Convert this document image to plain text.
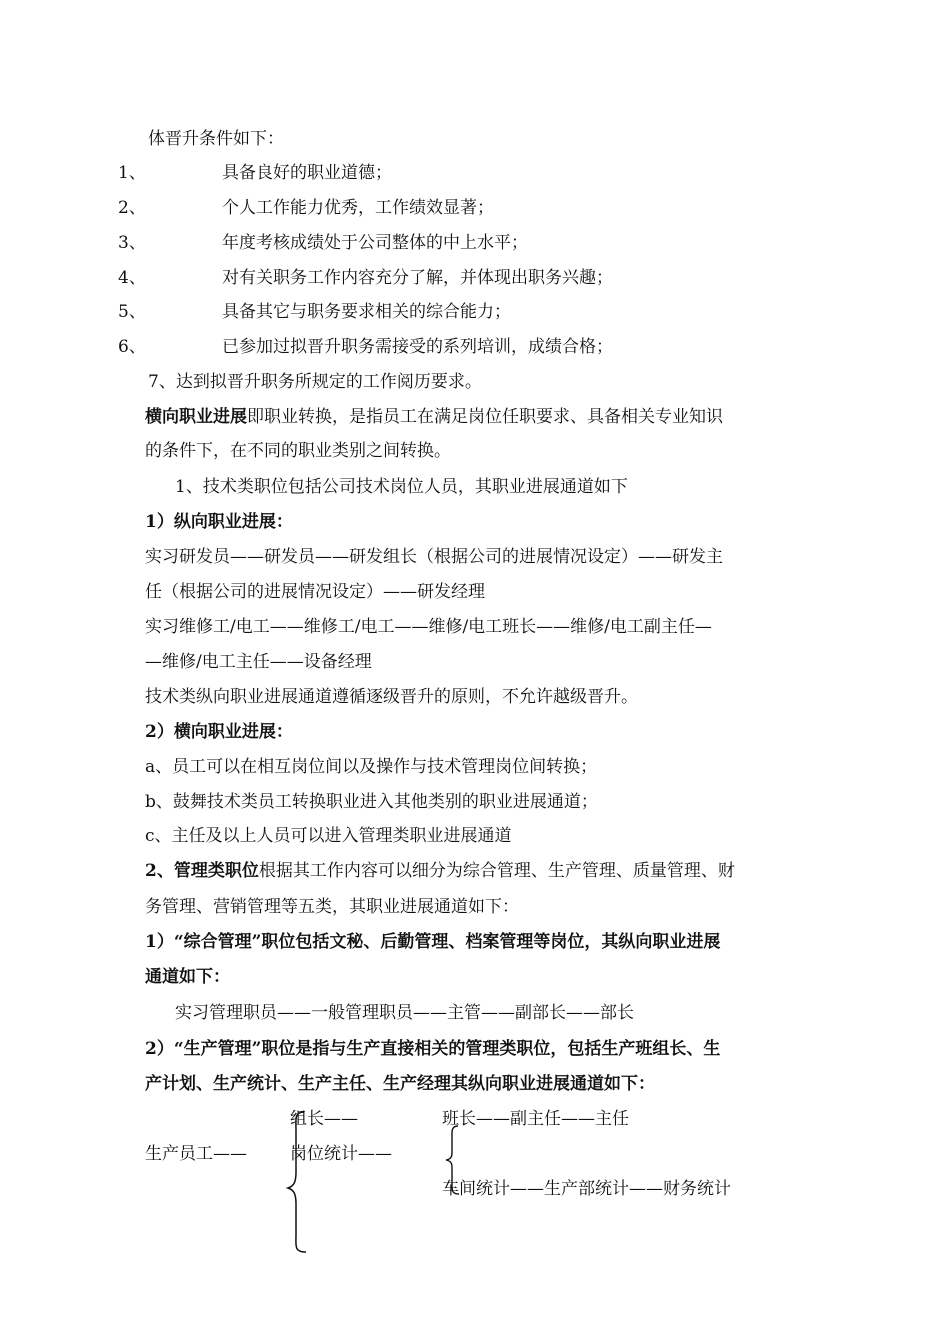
体晋升条件如下：
1、	具备良好的职业道德；
2、	个人工作能力优秀，工作绩效显著；
3、	年度考核成绩处于公司整体的中上水平；
4、	对有关职务工作内容充分了解，并体现出职务兴趣；
5、	具备其它与职务要求相关的综合能力；
6、	已参加过拟晋升职务需接受的系列培训，成绩合格；
7、达到拟晋升职务所规定的工作阅历要求。
横向职业进展即职业转换，是指员工在满足岗位任职要求、具备相关专业知识
的条件下，在不同的职业类别之间转换。
1、技术类职位包括公司技术岗位人员，其职业进展通道如下
1）纵向职业进展：
实习研发员——研发员——研发组长（根据公司的进展情况设定）——研发主
任（根据公司的进展情况设定）——研发经理
实习维修工/电工——维修工/电工——维修/电工班长——维修/电工副主任—
—维修/电工主任——设备经理
技术类纵向职业进展通道遵循逐级晋升的原则，不允许越级晋升。
2）横向职业进展：
a、员工可以在相互岗位间以及操作与技术管理岗位间转换；
b、鼓舞技术类员工转换职业进入其他类别的职业进展通道；
c、主任及以上人员可以进入管理类职业进展通道
2、管理类职位根据其工作内容可以细分为综合管理、生产管理、质量管理、财
务管理、营销管理等五类，其职业进展通道如下：
1）“综合管理”职位包括文秘、后勤管理、档案管理等岗位，其纵向职业进展
通道如下：
实习管理职员——一般管理职员——主管——副部长——部长
2）“生产管理”职位是指与生产直接相关的管理类职位，包括生产班组长、生
产计划、生产统计、生产主任、生产经理其纵向职业进展通道如下：
组长——	班长——副主任——主任
生产员工——	岗位统计——
车间统计——生产部统计——财务统计
